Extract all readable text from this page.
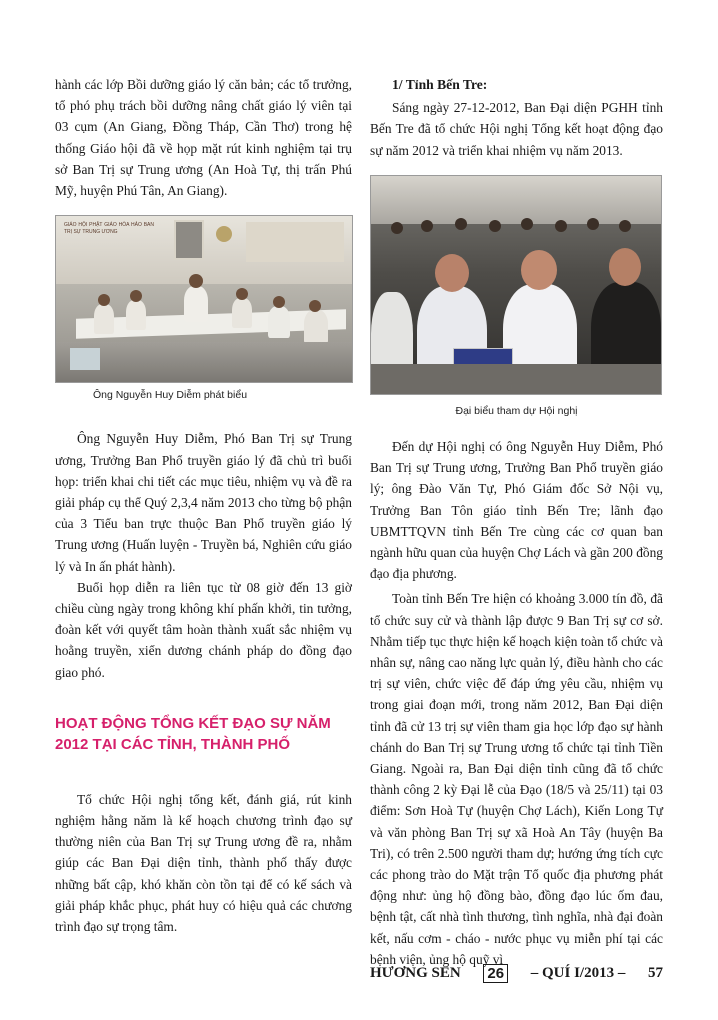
hành các lớp Bồi dưỡng giáo lý căn bản; các tổ trưởng, tổ phó phụ trách bồi dưỡng nâng chất giáo lý viên tại 03 cụm (An Giang, Đồng Tháp, Cần Thơ) trong hệ thống Giáo hội đã về họp mặt rút kinh nghiệm tại trụ sở Ban Trị sự Trung ương (An Hoà Tự, thị trấn Phú Mỹ, huyện Phú Tân, An Giang).

GIÁO HỘI PHẬT GIÁO HÒA HẢO BAN TRỊ SỰ TRUNG ƯƠNG
Ông Nguyễn Huy Diễm phát biểu

Ông Nguyễn Huy Diễm, Phó Ban Trị sự Trung ương, Trưởng Ban Phổ truyền giáo lý đã chủ trì buổi họp: triển khai chi tiết các mục tiêu, nhiệm vụ và đề ra giải pháp cụ thể Quý 2,3,4 năm 2013 cho từng bộ phận của 3 Tiểu ban trực thuộc Ban Phổ truyền giáo lý Trung ương (Huấn luyện - Truyền bá, Nghiên cứu giáo lý và In ấn phát hành).

Buổi họp diễn ra liên tục từ 08 giờ đến 13 giờ chiều cùng ngày trong không khí phấn khởi, tin tưởng, đoàn kết với quyết tâm hoàn thành xuất sắc nhiệm vụ hoằng truyền, xiển dương chánh pháp do đồng đạo giao phó.

HOẠT ĐỘNG TỔNG KẾT ĐẠO SỰ NĂM 2012 TẠI CÁC TỈNH, THÀNH PHỐ

Tổ chức Hội nghị tổng kết, đánh giá, rút kinh nghiệm hằng năm là kế hoạch chương trình đạo sự thường niên của Ban Trị sự Trung ương đề ra, nhằm giúp các Ban Đại diện tỉnh, thành phố thấy được những bất cập, khó khăn còn tồn tại để có kế sách và giải pháp khắc phục, phát huy có hiệu quả các chương trình đạo sự trọng tâm.

1/ Tỉnh Bến Tre:

Sáng ngày 27-12-2012, Ban Đại diện PGHH tỉnh Bến Tre đã tổ chức Hội nghị Tổng kết hoạt động đạo sự năm 2012 và triển khai nhiệm vụ năm 2013.

Đại biểu tham dự Hội nghị

Đến dự Hội nghị có ông Nguyễn Huy Diễm, Phó Ban Trị sự Trung ương, Trưởng Ban Phổ truyền giáo lý; ông Đào Văn Tự, Phó Giám đốc Sở Nội vụ, Trưởng Ban Tôn giáo tỉnh Bến Tre; lãnh đạo UBMTTQVN tỉnh Bến Tre cùng các cơ quan ban ngành hữu quan của huyện Chợ Lách và gần 200 đồng đạo địa phương.

Toàn tỉnh Bến Tre hiện có khoảng 3.000 tín đồ, đã tổ chức suy cử và thành lập được 9 Ban Trị sự cơ sở. Nhằm tiếp tục thực hiện kế hoạch kiện toàn tổ chức và nhân sự, nâng cao năng lực quản lý, điều hành cho các trị sự viên, chức việc để đáp ứng yêu cầu, nhiệm vụ trong giai đoạn mới, trong năm 2012, Ban Đại diện tỉnh đã cử 13 trị sự viên tham gia học lớp đạo sự hành chánh do Ban Trị sự Trung ương tổ chức tại tỉnh Tiền Giang. Ngoài ra, Ban Đại diện tỉnh cũng đã tổ chức thành công 2 kỳ Đại lễ của Đạo (18/5 và 25/11) tại 03 điểm: Sơn Hoà Tự (huyện Chợ Lách), Kiến Long Tự và văn phòng Ban Trị sự xã Hoà An Tây (huyện Ba Tri), có trên 2.500 người tham dự; hướng ứng tích cực các phong trào do Mặt trận Tổ quốc địa phương phát động như: ủng hộ đồng bào, đồng đạo lúc ốm đau, bệnh tật, cất nhà tình thương, tình nghĩa, nhà đại đoàn kết, nấu cơm - cháo - nước phục vụ miễn phí tại các bệnh viện, ủng hộ quỹ vì

HƯƠNG SEN 26 – QUÍ I/2013 – 57
